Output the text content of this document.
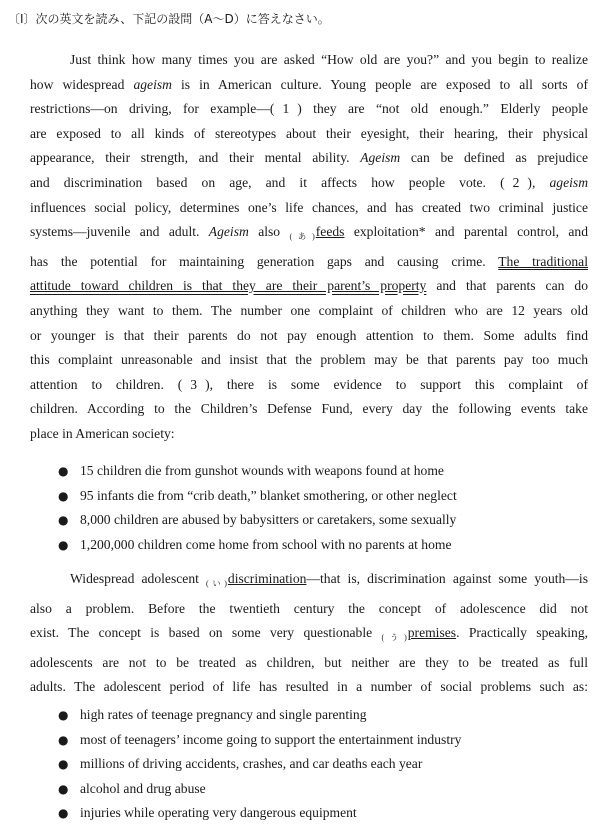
〔Ⅰ〕次の英文を読み、下記の設問（A～D）に答えなさい。
Just think how many times you are asked “How old are you?” and you begin to realize
how widespread ageism is in American culture. Young people are exposed to all sorts of
restrictions—on driving, for example—( 1 ) they are “not old enough.” Elderly people
are exposed to all kinds of stereotypes about their eyesight, their hearing, their physical
appearance, their strength, and their mental ability. Ageism can be defined as prejudice
and discrimination based on age, and it affects how people vote. ( 2 ), ageism
influences social policy, determines one’s life chances, and has created two criminal justice
systems—juvenile and adult. Ageism also $_{(あ)}$feeds exploitation* and parental control, and
has the potential for maintaining generation gaps and causing crime. The traditional
attitude toward children is that they are their parent’s property and that parents can do
anything they want to them. The number one complaint of children who are 12 years old
or younger is that their parents do not pay enough attention to them. Some adults find
this complaint unreasonable and insist that the problem may be that parents pay too much
attention to children. ( 3 ), there is some evidence to support this complaint of
children. According to the Children’s Defense Fund, every day the following events take
place in American society:
● 15 children die from gunshot wounds with weapons found at home
● 95 infants die from “crib death,” blanket smothering, or other neglect
● 8,000 children are abused by babysitters or caretakers, some sexually
● 1,200,000 children come home from school with no parents at home
Widespread adolescent $_{(い)}$discrimination—that is, discrimination against some youth—is
also a problem. Before the twentieth century the concept of adolescence did not
exist. The concept is based on some very questionable $_{(う)}$premises. Practically speaking,
adolescents are not to be treated as children, but neither are they to be treated as full
adults. The adolescent period of life has resulted in a number of social problems such as:
● high rates of teenage pregnancy and single parenting
● most of teenagers’ income going to support the entertainment industry
● millions of driving accidents, crashes, and car deaths each year
● alcohol and drug abuse
● injuries while operating very dangerous equipment
